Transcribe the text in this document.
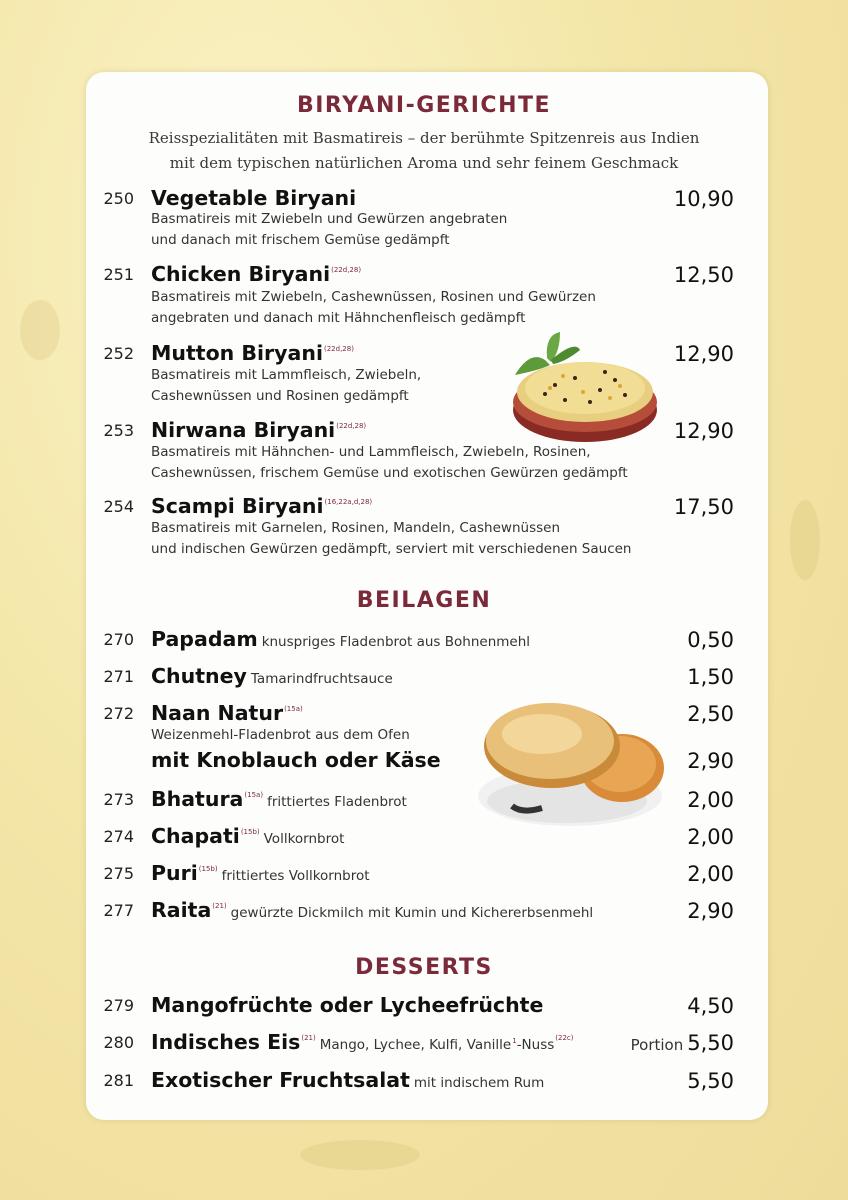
BIRYANI-GERICHTE
Reisspezialitäten mit Basmatireis – der berühmte Spitzenreis aus Indien
mit dem typischen natürlichen Aroma und sehr feinem Geschmack
250 Vegetable Biryani	10,90
Basmatireis mit Zwiebeln und Gewürzen angebraten
und danach mit frischem Gemüse gedämpft
251 Chicken Biryani$^{(22d,28)}$	12,50
Basmatireis mit Zwiebeln, Cashewnüssen, Rosinen und Gewürzen
angebraten und danach mit Hähnchenfleisch gedämpft
252 Mutton Biryani$^{(22d,28)}$	12,90
Basmatireis mit Lammfleisch, Zwiebeln,
Cashewnüssen und Rosinen gedämpft
253 Nirwana Biryani$^{(22d,28)}$	12,90
Basmatireis mit Hähnchen- und Lammfleisch, Zwiebeln, Rosinen,
Cashewnüssen, frischem Gemüse und exotischen Gewürzen gedämpft
254 Scampi Biryani$^{(16,22a,d,28)}$	17,50
Basmatireis mit Garnelen, Rosinen, Mandeln, Cashewnüssen
und indischen Gewürzen gedämpft, serviert mit verschiedenen Saucen
BEILAGEN
270 Papadam knuspriges Fladenbrot aus Bohnenmehl	0,50
271 Chutney Tamarindfruchtsauce	1,50
272 Naan Natur$^{(15a)}$	2,50
Weizenmehl-Fladenbrot aus dem Ofen
mit Knoblauch oder Käse	2,90
273 Bhatura$^{(15a)}$ frittiertes Fladenbrot	2,00
274 Chapati$^{(15b)}$ Vollkornbrot	2,00
275 Puri$^{(15b)}$ frittiertes Vollkornbrot	2,00
277 Raita$^{(21)}$ gewürzte Dickmilch mit Kumin und Kichererbsenmehl	2,90
DESSERTS
279 Mangofrüchte oder Lycheefrüchte	4,50
280 Indisches Eis$^{(21)}$ Mango, Lychee, Kulfi, Vanille$^1$-Nuss$^{(22c)}$	Portion 5,50
281 Exotischer Fruchtsalat mit indischem Rum	5,50
